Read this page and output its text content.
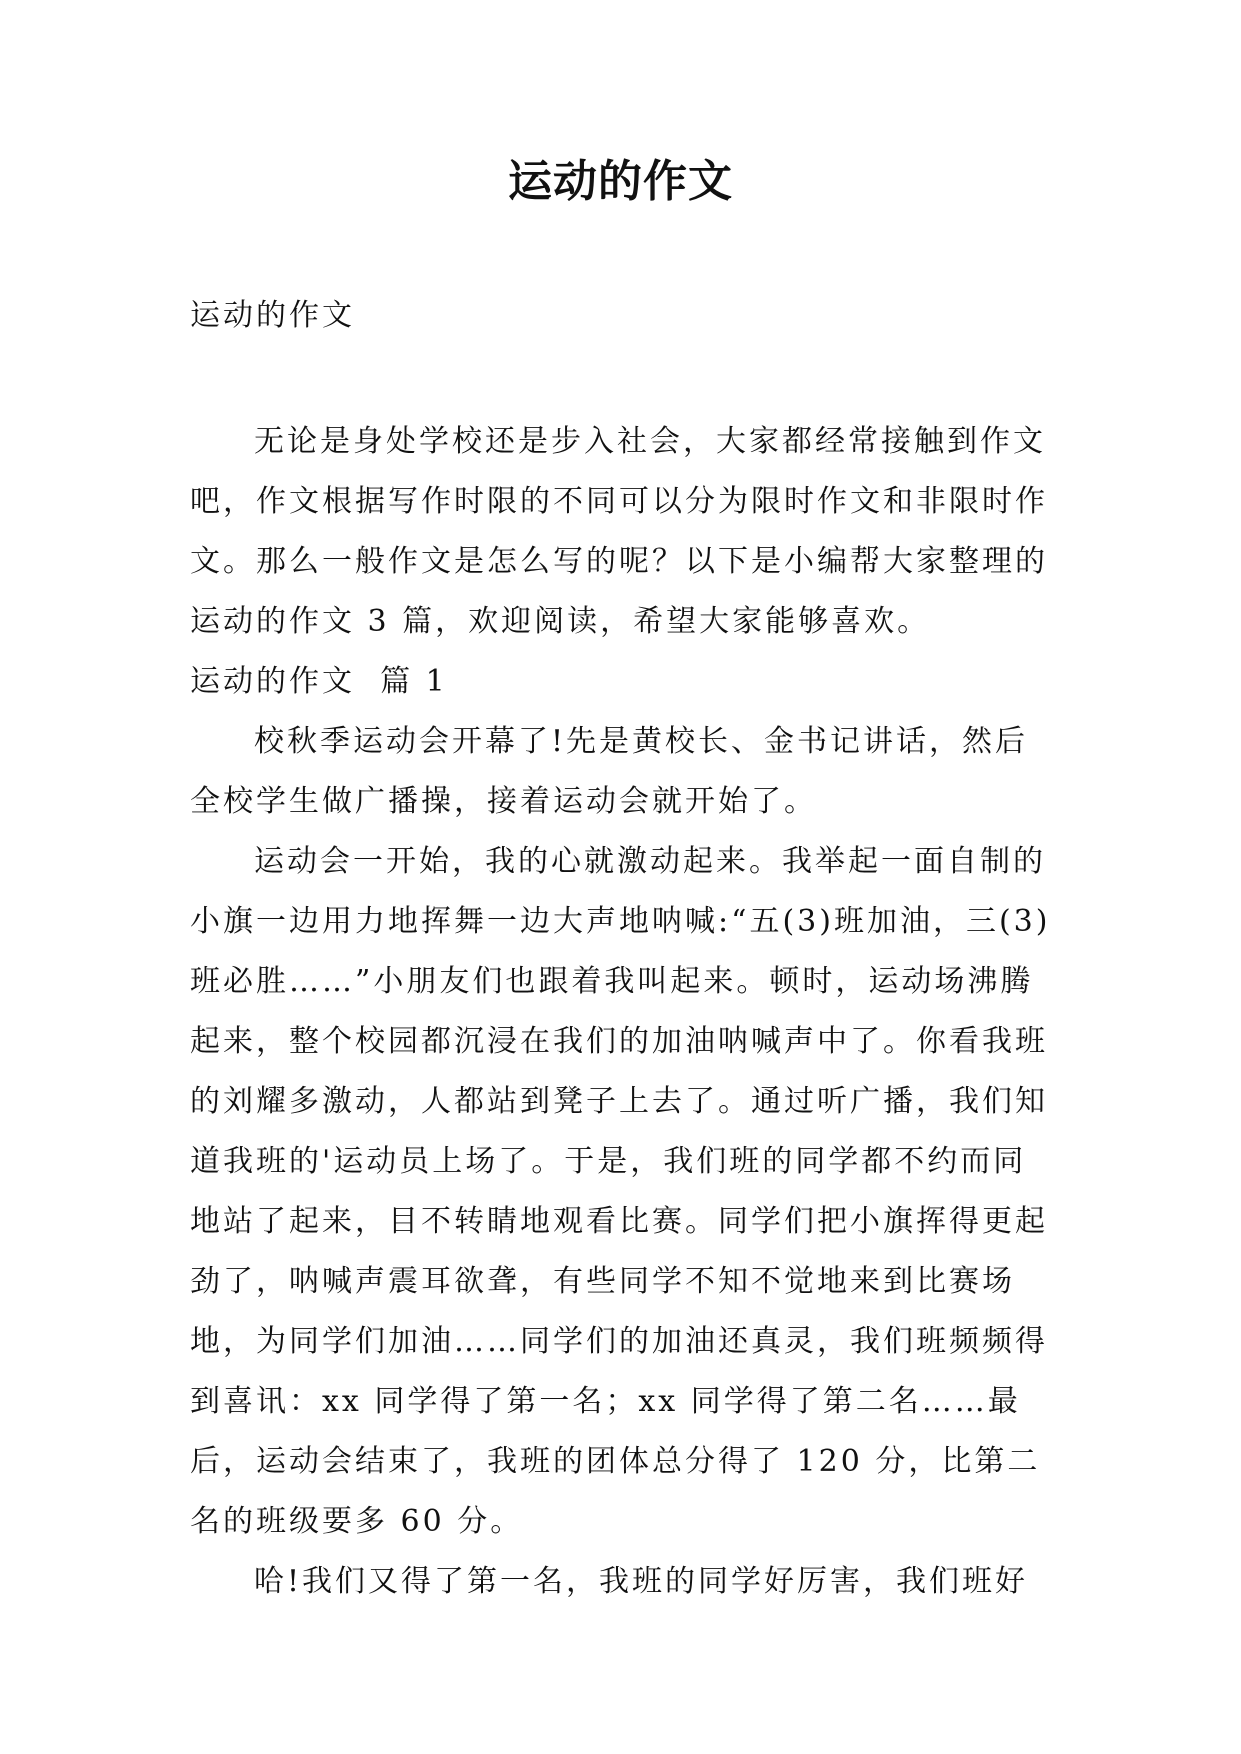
运动的作文

运动的作文

无论是身处学校还是步入社会，大家都经常接触到作文吧，作文根据写作时限的不同可以分为限时作文和非限时作文。那么一般作文是怎么写的呢？以下是小编帮大家整理的运动的作文 3 篇，欢迎阅读，希望大家能够喜欢。

运动的作文  篇 1

校秋季运动会开幕了!先是黄校长、金书记讲话，然后全校学生做广播操，接着运动会就开始了。

运动会一开始，我的心就激动起来。我举起一面自制的小旗一边用力地挥舞一边大声地呐喊:“五(3)班加油，三(3)班必胜……”小朋友们也跟着我叫起来。顿时，运动场沸腾起来，整个校园都沉浸在我们的加油呐喊声中了。你看我班的刘耀多激动，人都站到凳子上去了。通过听广播，我们知道我班的'运动员上场了。于是，我们班的同学都不约而同地站了起来，目不转睛地观看比赛。同学们把小旗挥得更起劲了，呐喊声震耳欲聋，有些同学不知不觉地来到比赛场地，为同学们加油……同学们的加油还真灵，我们班频频得到喜讯：xx 同学得了第一名；xx 同学得了第二名……最后，运动会结束了，我班的团体总分得了 120 分，比第二名的班级要多 60 分。

哈!我们又得了第一名，我班的同学好厉害，我们班好
